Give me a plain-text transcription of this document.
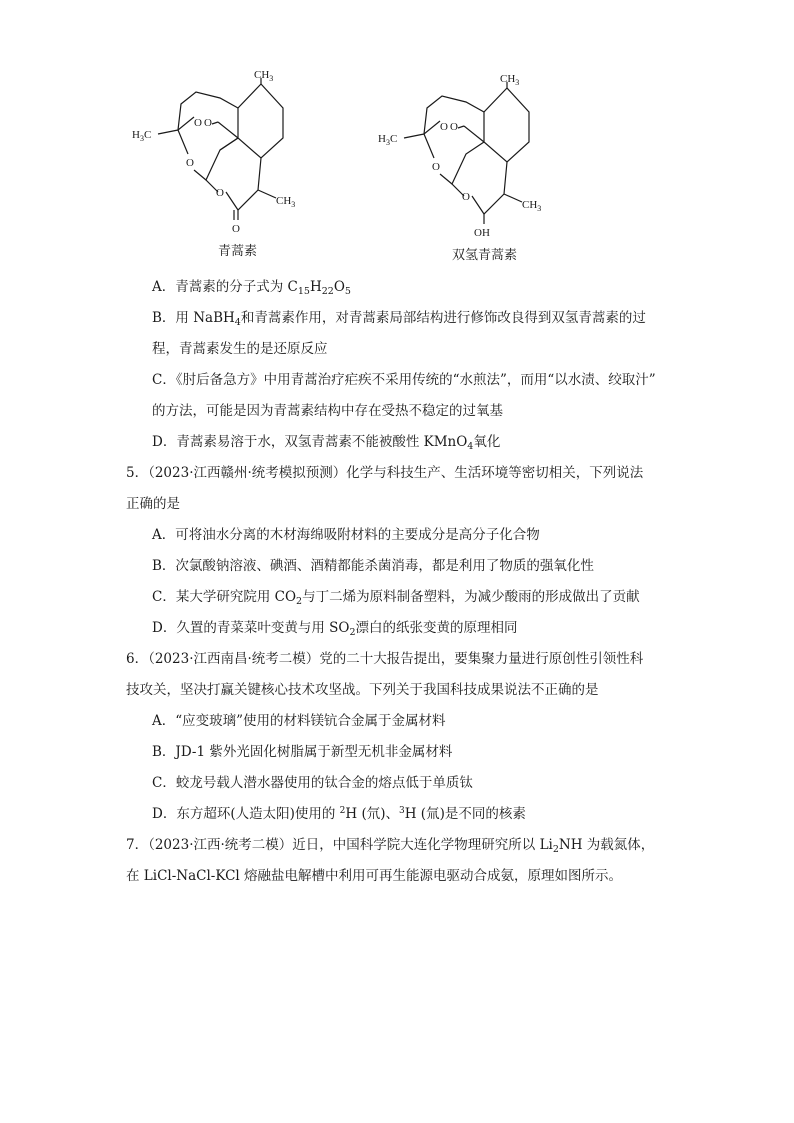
$CH_3$
$H_3C$
O O
O
O
O
$CH_3$
青蒿素
$CH_3$
$H_3C$
O O
O
O
OH
$CH_3$
双氢青蒿素
A．青蒿素的分子式为 $C_{15}H_{22}O_5$
B．用 NaBH$_4$和青蒿素作用，对青蒿素局部结构进行修饰改良得到双氢青蒿素的过
程，青蒿素发生的是还原反应
C．《肘后备急方》中用青蒿治疗疟疾不采用传统的“水煎法”，而用“以水渍、绞取汁”
的方法，可能是因为青蒿素结构中存在受热不稳定的过氧基
D．青蒿素易溶于水，双氢青蒿素不能被酸性 KMnO$_4$氧化
5．（2023·江西赣州·统考模拟预测）化学与科技生产、生活环境等密切相关，下列说法
正确的是
A．可将油水分离的木材海绵吸附材料的主要成分是高分子化合物
B．次氯酸钠溶液、碘酒、酒精都能杀菌消毒，都是利用了物质的强氧化性
C．某大学研究院用 $CO_2$与丁二烯为原料制备塑料，为减少酸雨的形成做出了贡献
D．久置的青菜菜叶变黄与用 $SO_2$漂白的纸张变黄的原理相同
6．（2023·江西南昌·统考二模）党的二十大报告提出，要集聚力量进行原创性引领性科
技攻关，坚决打赢关键核心技术攻坚战。下列关于我国科技成果说法不正确的是
A．“应变玻璃”使用的材料镁钪合金属于金属材料
B．JD-1 紫外光固化树脂属于新型无机非金属材料
C．蛟龙号载人潜水器使用的钛合金的熔点低于单质钛
D．东方超环(人造太阳)使用的 $^2$H (氘)、$^3$H (氚)是不同的核素
7．（2023·江西·统考二模）近日，中国科学院大连化学物理研究所以 $Li_2NH$ 为载氮体，
在 LiCl-NaCl-KCl 熔融盐电解槽中利用可再生能源电驱动合成氨，原理如图所示。
